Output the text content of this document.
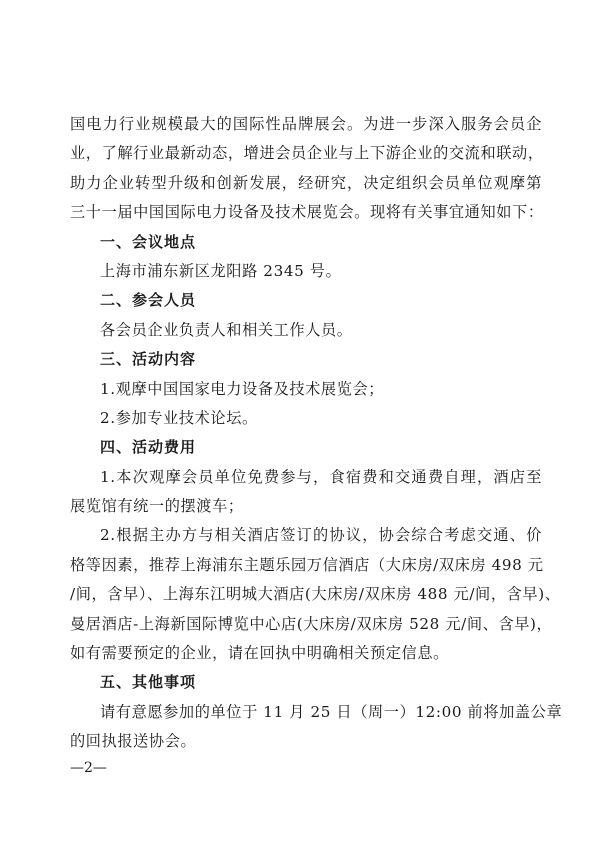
国电力行业规模最大的国际性品牌展会。为进一步深入服务会员企

业，了解行业最新动态，增进会员企业与上下游企业的交流和联动，

助力企业转型升级和创新发展，经研究，决定组织会员单位观摩第

三十一届中国国际电力设备及技术展览会。现将有关事宜通知如下：

一、会议地点

上海市浦东新区龙阳路 2345 号。

二、参会人员

各会员企业负责人和相关工作人员。

三、活动内容

1.观摩中国国家电力设备及技术展览会；

2.参加专业技术论坛。

四、活动费用

1.本次观摩会员单位免费参与，食宿费和交通费自理，酒店至

展览馆有统一的摆渡车；

2.根据主办方与相关酒店签订的协议，协会综合考虑交通、价

格等因素，推荐上海浦东主题乐园万信酒店（大床房/双床房 498 元

/间，含早）、上海东江明城大酒店(大床房/双床房 488 元/间，含早)、

曼居酒店-上海新国际博览中心店(大床房/双床房 528 元/间、含早)，

如有需要预定的企业，请在回执中明确相关预定信息。

五、其他事项

请有意愿参加的单位于 11 月 25 日（周一）12:00 前将加盖公章

的回执报送协会。

—2—
